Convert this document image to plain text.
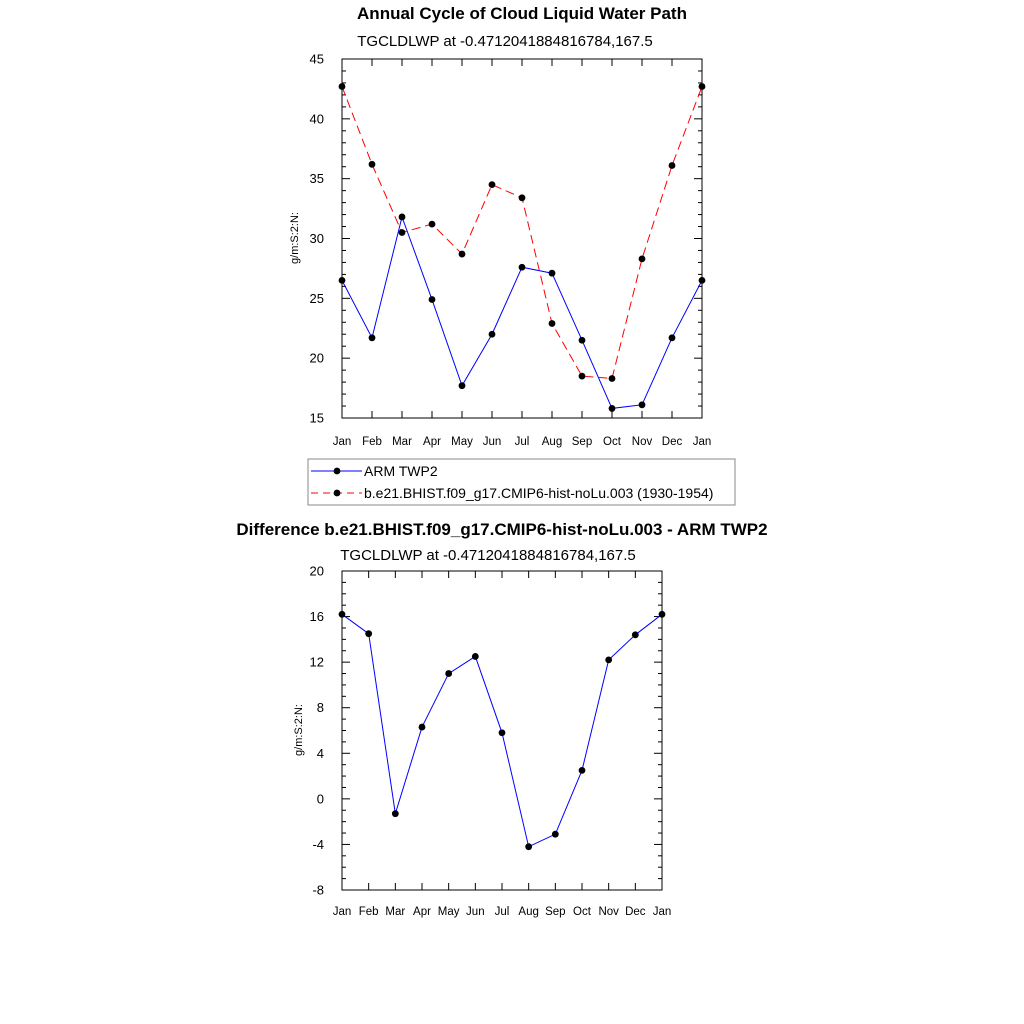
Annual Cycle of Cloud Liquid Water Path
TGCLDLWP at -0.4712041884816784,167.5
g/m:S:2:N:
Jan Feb Mar Apr May Jun Jul Aug Sep Oct Nov Dec Jan
15
20
25
30
35
40
45
ARM TWP2
b.e21.BHIST.f09_g17.CMIP6-hist-noLu.003 (1930-1954)
Difference b.e21.BHIST.f09_g17.CMIP6-hist-noLu.003 - ARM TWP2
TGCLDLWP at -0.4712041884816784,167.5
g/m:S:2:N:
Jan Feb Mar Apr May Jun Jul Aug Sep Oct Nov Dec Jan
-8
-4
0
4
8
12
16
20
